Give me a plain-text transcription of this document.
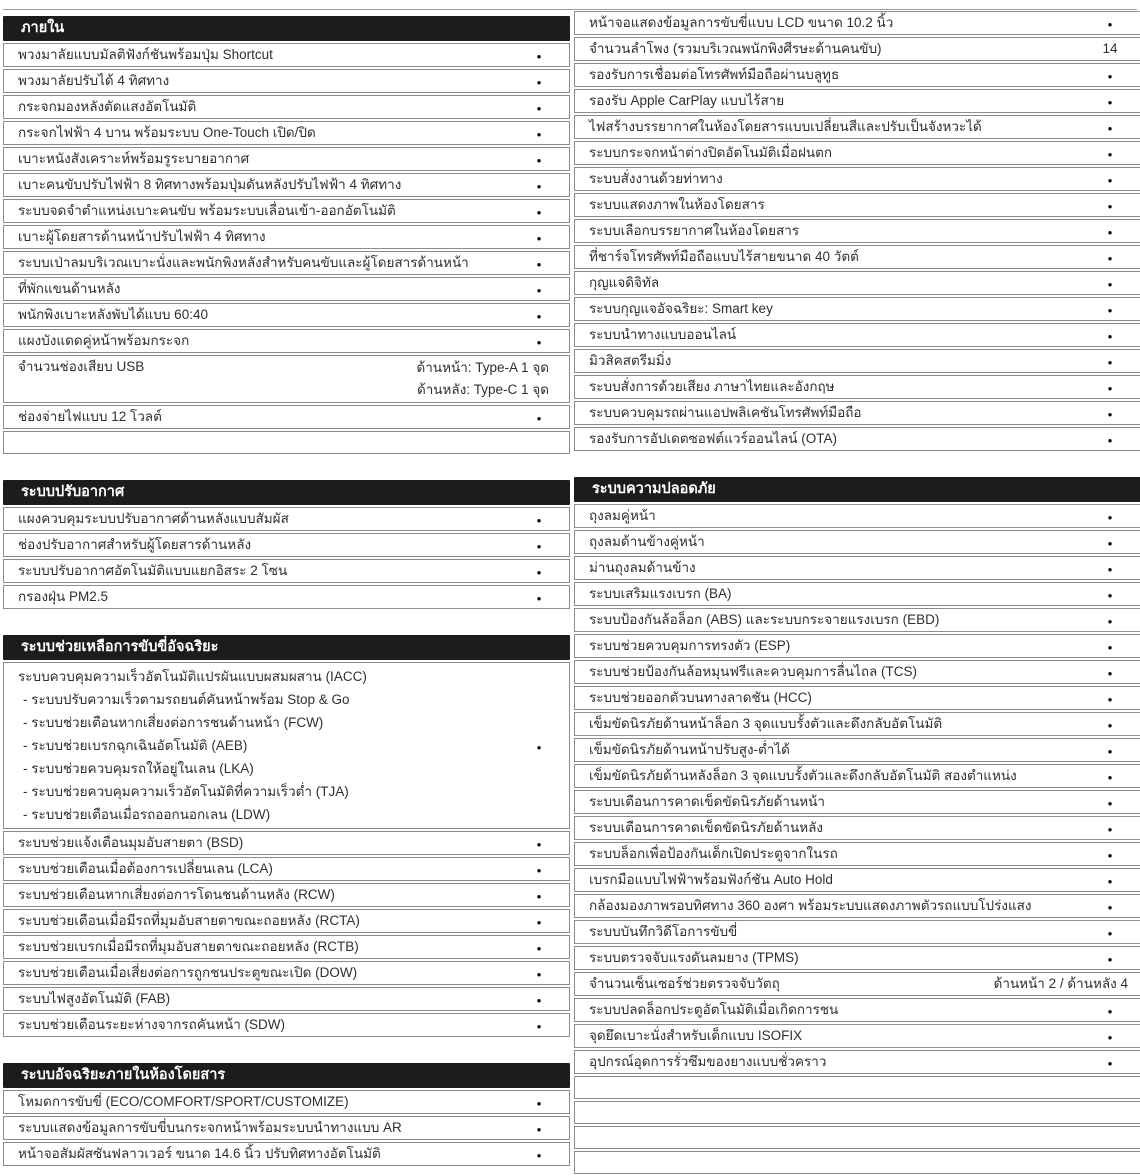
ภายใน
พวงมาลัยแบบมัลติฟังก์ชันพร้อมปุ่ม Shortcut	●
พวงมาลัยปรับได้ 4 ทิศทาง	●
กระจกมองหลังตัดแสงอัตโนมัติ	●
กระจกไฟฟ้า 4 บาน พร้อมระบบ One-Touch เปิด/ปิด	●
เบาะหนังสังเคราะห์พร้อมรูระบายอากาศ	●
เบาะคนขับปรับไฟฟ้า 8 ทิศทางพร้อมปุ่มดันหลังปรับไฟฟ้า 4 ทิศทาง	●
ระบบจดจำตำแหน่งเบาะคนขับ พร้อมระบบเลื่อนเข้า-ออกอัตโนมัติ	●
เบาะผู้โดยสารด้านหน้าปรับไฟฟ้า 4 ทิศทาง	●
ระบบเป่าลมบริเวณเบาะนั่งและพนักพิงหลังสำหรับคนขับและผู้โดยสารด้านหน้า	●
ที่พักแขนด้านหลัง	●
พนักพิงเบาะหลังพับได้แบบ 60:40	●
แผงบังแดดคู่หน้าพร้อมกระจก	●
จำนวนช่องเสียบ USB	ด้านหน้า: Type-A 1 จุด
ด้านหลัง: Type-C 1 จุด
ช่องจ่ายไฟแบบ 12 โวลต์	●
ระบบปรับอากาศ
แผงควบคุมระบบปรับอากาศด้านหลังแบบสัมผัส	●
ช่องปรับอากาศสำหรับผู้โดยสารด้านหลัง	●
ระบบปรับอากาศอัตโนมัติแบบแยกอิสระ 2 โซน	●
กรองฝุ่น PM2.5	●
ระบบช่วยเหลือการขับขี่อัจฉริยะ
ระบบควบคุมความเร็วอัตโนมัติแปรผันแบบผสมผสาน (IACC)
- ระบบปรับความเร็วตามรถยนต์คันหน้าพร้อม Stop & Go
- ระบบช่วยเตือนหากเสี่ยงต่อการชนด้านหน้า (FCW)
- ระบบช่วยเบรกฉุกเฉินอัตโนมัติ (AEB)
- ระบบช่วยควบคุมรถให้อยู่ในเลน (LKA)
- ระบบช่วยควบคุมความเร็วอัตโนมัติที่ความเร็วต่ำ (TJA)
- ระบบช่วยเตือนเมื่อรถออกนอกเลน (LDW)
●
ระบบช่วยแจ้งเตือนมุมอับสายตา (BSD)	●
ระบบช่วยเตือนเมื่อต้องการเปลี่ยนเลน (LCA)	●
ระบบช่วยเตือนหากเสี่ยงต่อการโดนชนด้านหลัง (RCW)	●
ระบบช่วยเตือนเมื่อมีรถที่มุมอับสายตาขณะถอยหลัง (RCTA)	●
ระบบช่วยเบรกเมื่อมีรถที่มุมอับสายตาขณะถอยหลัง (RCTB)	●
ระบบช่วยเตือนเมื่อเสี่ยงต่อการถูกชนประตูขณะเปิด (DOW)	●
ระบบไฟสูงอัตโนมัติ (FAB)	●
ระบบช่วยเตือนระยะห่างจากรถคันหน้า (SDW)	●
ระบบอัจฉริยะภายในห้องโดยสาร
โหมดการขับขี่ (ECO/COMFORT/SPORT/CUSTOMIZE)	●
ระบบแสดงข้อมูลการขับขี่บนกระจกหน้าพร้อมระบบนำทางแบบ AR	●
หน้าจอสัมผัสซันฟลาวเวอร์ ขนาด 14.6 นิ้ว ปรับทิศทางอัตโนมัติ	●
หน้าจอแสดงข้อมูลการขับขี่แบบ LCD ขนาด 10.2 นิ้ว	●
จำนวนลำโพง (รวมบริเวณพนักพิงศีรษะด้านคนขับ)	14
รองรับการเชื่อมต่อโทรศัพท์มือถือผ่านบลูทูธ	●
รองรับ Apple CarPlay แบบไร้สาย	●
ไฟสร้างบรรยากาศในห้องโดยสารแบบเปลี่ยนสีและปรับเป็นจังหวะได้	●
ระบบกระจกหน้าต่างปิดอัตโนมัติเมื่อฝนตก	●
ระบบสั่งงานด้วยท่าทาง	●
ระบบแสดงภาพในห้องโดยสาร	●
ระบบเลือกบรรยากาศในห้องโดยสาร	●
ที่ชาร์จโทรศัพท์มือถือแบบไร้สายขนาด 40 วัตต์	●
กุญแจดิจิทัล	●
ระบบกุญแจอัจฉริยะ: Smart key	●
ระบบนำทางแบบออนไลน์	●
มิวสิคสตรีมมิ่ง	●
ระบบสั่งการด้วยเสียง ภาษาไทยและอังกฤษ	●
ระบบควบคุมรถผ่านแอปพลิเคชันโทรศัพท์มือถือ	●
รองรับการอัปเดตซอฟต์แวร์ออนไลน์ (OTA)	●
ระบบความปลอดภัย
ถุงลมคู่หน้า	●
ถุงลมด้านข้างคู่หน้า	●
ม่านถุงลมด้านข้าง	●
ระบบเสริมแรงเบรก (BA)	●
ระบบป้องกันล้อล็อก (ABS) และระบบกระจายแรงเบรก (EBD)	●
ระบบช่วยควบคุมการทรงตัว (ESP)	●
ระบบช่วยป้องกันล้อหมุนฟรีและควบคุมการลื่นไถล (TCS)	●
ระบบช่วยออกตัวบนทางลาดชัน (HCC)	●
เข็มขัดนิรภัยด้านหน้าล็อก 3 จุดแบบรั้งตัวและดึงกลับอัตโนมัติ	●
เข็มขัดนิรภัยด้านหน้าปรับสูง-ต่ำได้	●
เข็มขัดนิรภัยด้านหลังล็อก 3 จุดแบบรั้งตัวและดึงกลับอัตโนมัติ สองตำแหน่ง	●
ระบบเตือนการคาดเข็ดขัดนิรภัยด้านหน้า	●
ระบบเตือนการคาดเข็ดขัดนิรภัยด้านหลัง	●
ระบบล็อกเพื่อป้องกันเด็กเปิดประตูจากในรถ	●
เบรกมือแบบไฟฟ้าพร้อมฟังก์ชัน Auto Hold	●
กล้องมองภาพรอบทิศทาง 360 องศา พร้อมระบบแสดงภาพตัวรถแบบโปร่งแสง	●
ระบบบันทึกวิดีโอการขับขี่	●
ระบบตรวจจับแรงดันลมยาง (TPMS)	●
จำนวนเซ็นเซอร์ช่วยตรวจจับวัตถุ	ด้านหน้า 2 / ด้านหลัง 4
ระบบปลดล็อกประตูอัตโนมัติเมื่อเกิดการชน	●
จุดยึดเบาะนั่งสำหรับเด็กแบบ ISOFIX	●
อุปกรณ์อุดการรั่วซึมของยางแบบชั่วคราว	●
